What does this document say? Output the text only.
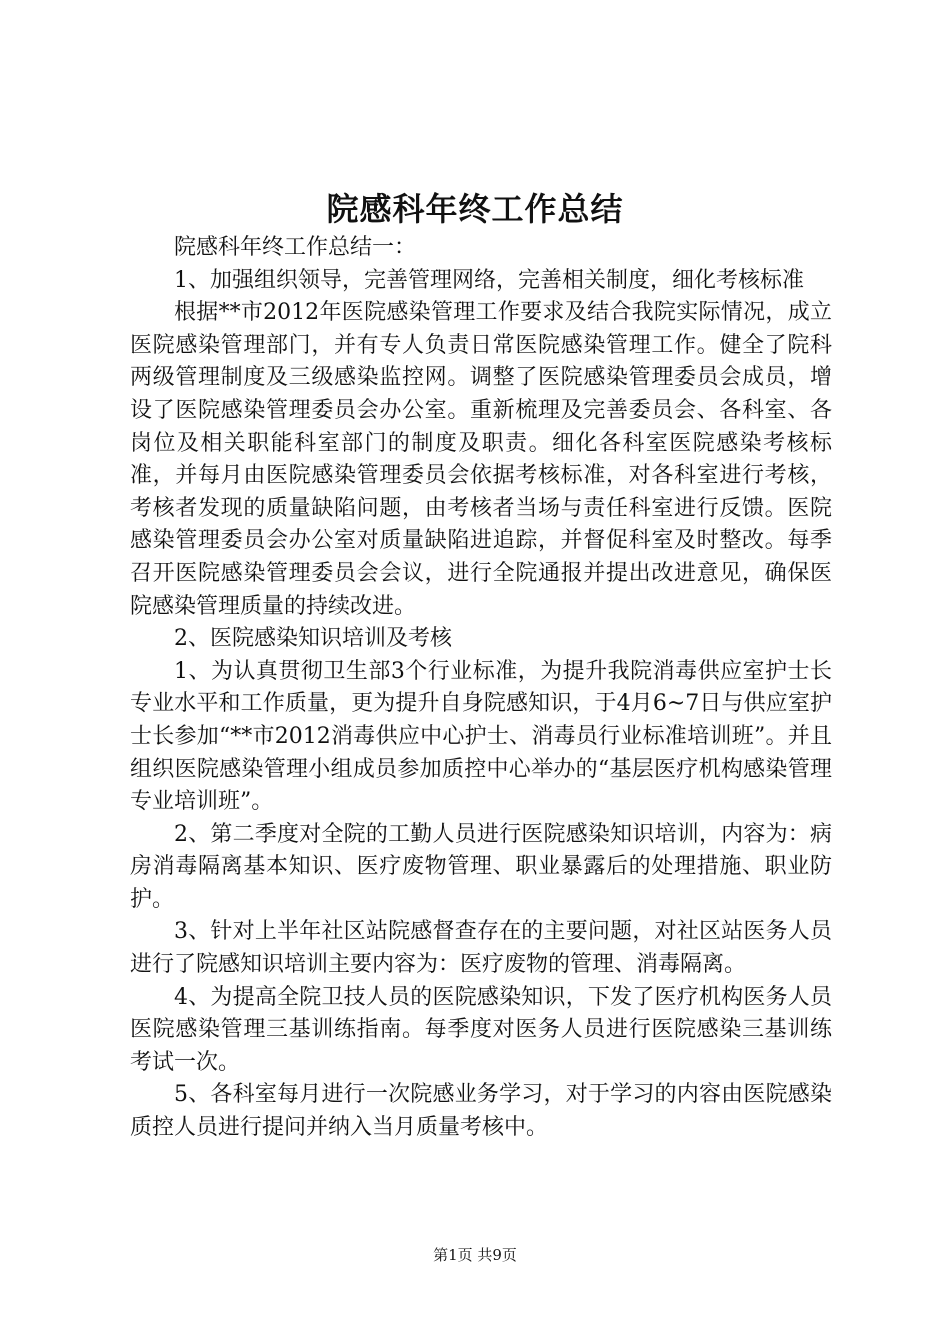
院感科年终工作总结

院感科年终工作总结一：

1、加强组织领导，完善管理网络，完善相关制度，细化考核标准

根据**市2012年医院感染管理工作要求及结合我院实际情况，成立医院感染管理部门，并有专人负责日常医院感染管理工作。健全了院科两级管理制度及三级感染监控网。调整了医院感染管理委员会成员，增设了医院感染管理委员会办公室。重新梳理及完善委员会、各科室、各岗位及相关职能科室部门的制度及职责。细化各科室医院感染考核标准，并每月由医院感染管理委员会依据考核标准，对各科室进行考核，考核者发现的质量缺陷问题，由考核者当场与责任科室进行反馈。医院感染管理委员会办公室对质量缺陷进追踪，并督促科室及时整改。每季召开医院感染管理委员会会议，进行全院通报并提出改进意见，确保医院感染管理质量的持续改进。

2、医院感染知识培训及考核

1、为认真贯彻卫生部3个行业标准，为提升我院消毒供应室护士长专业水平和工作质量，更为提升自身院感知识，于4月6~7日与供应室护士长参加“**市2012消毒供应中心护士、消毒员行业标准培训班”。并且组织医院感染管理小组成员参加质控中心举办的“基层医疗机构感染管理专业培训班”。

2、第二季度对全院的工勤人员进行医院感染知识培训，内容为：病房消毒隔离基本知识、医疗废物管理、职业暴露后的处理措施、职业防护。

3、针对上半年社区站院感督查存在的主要问题，对社区站医务人员进行了院感知识培训主要内容为：医疗废物的管理、消毒隔离。

4、为提高全院卫技人员的医院感染知识，下发了医疗机构医务人员医院感染管理三基训练指南。每季度对医务人员进行医院感染三基训练考试一次。

5、各科室每月进行一次院感业务学习，对于学习的内容由医院感染质控人员进行提问并纳入当月质量考核中。

第1页 共9页
